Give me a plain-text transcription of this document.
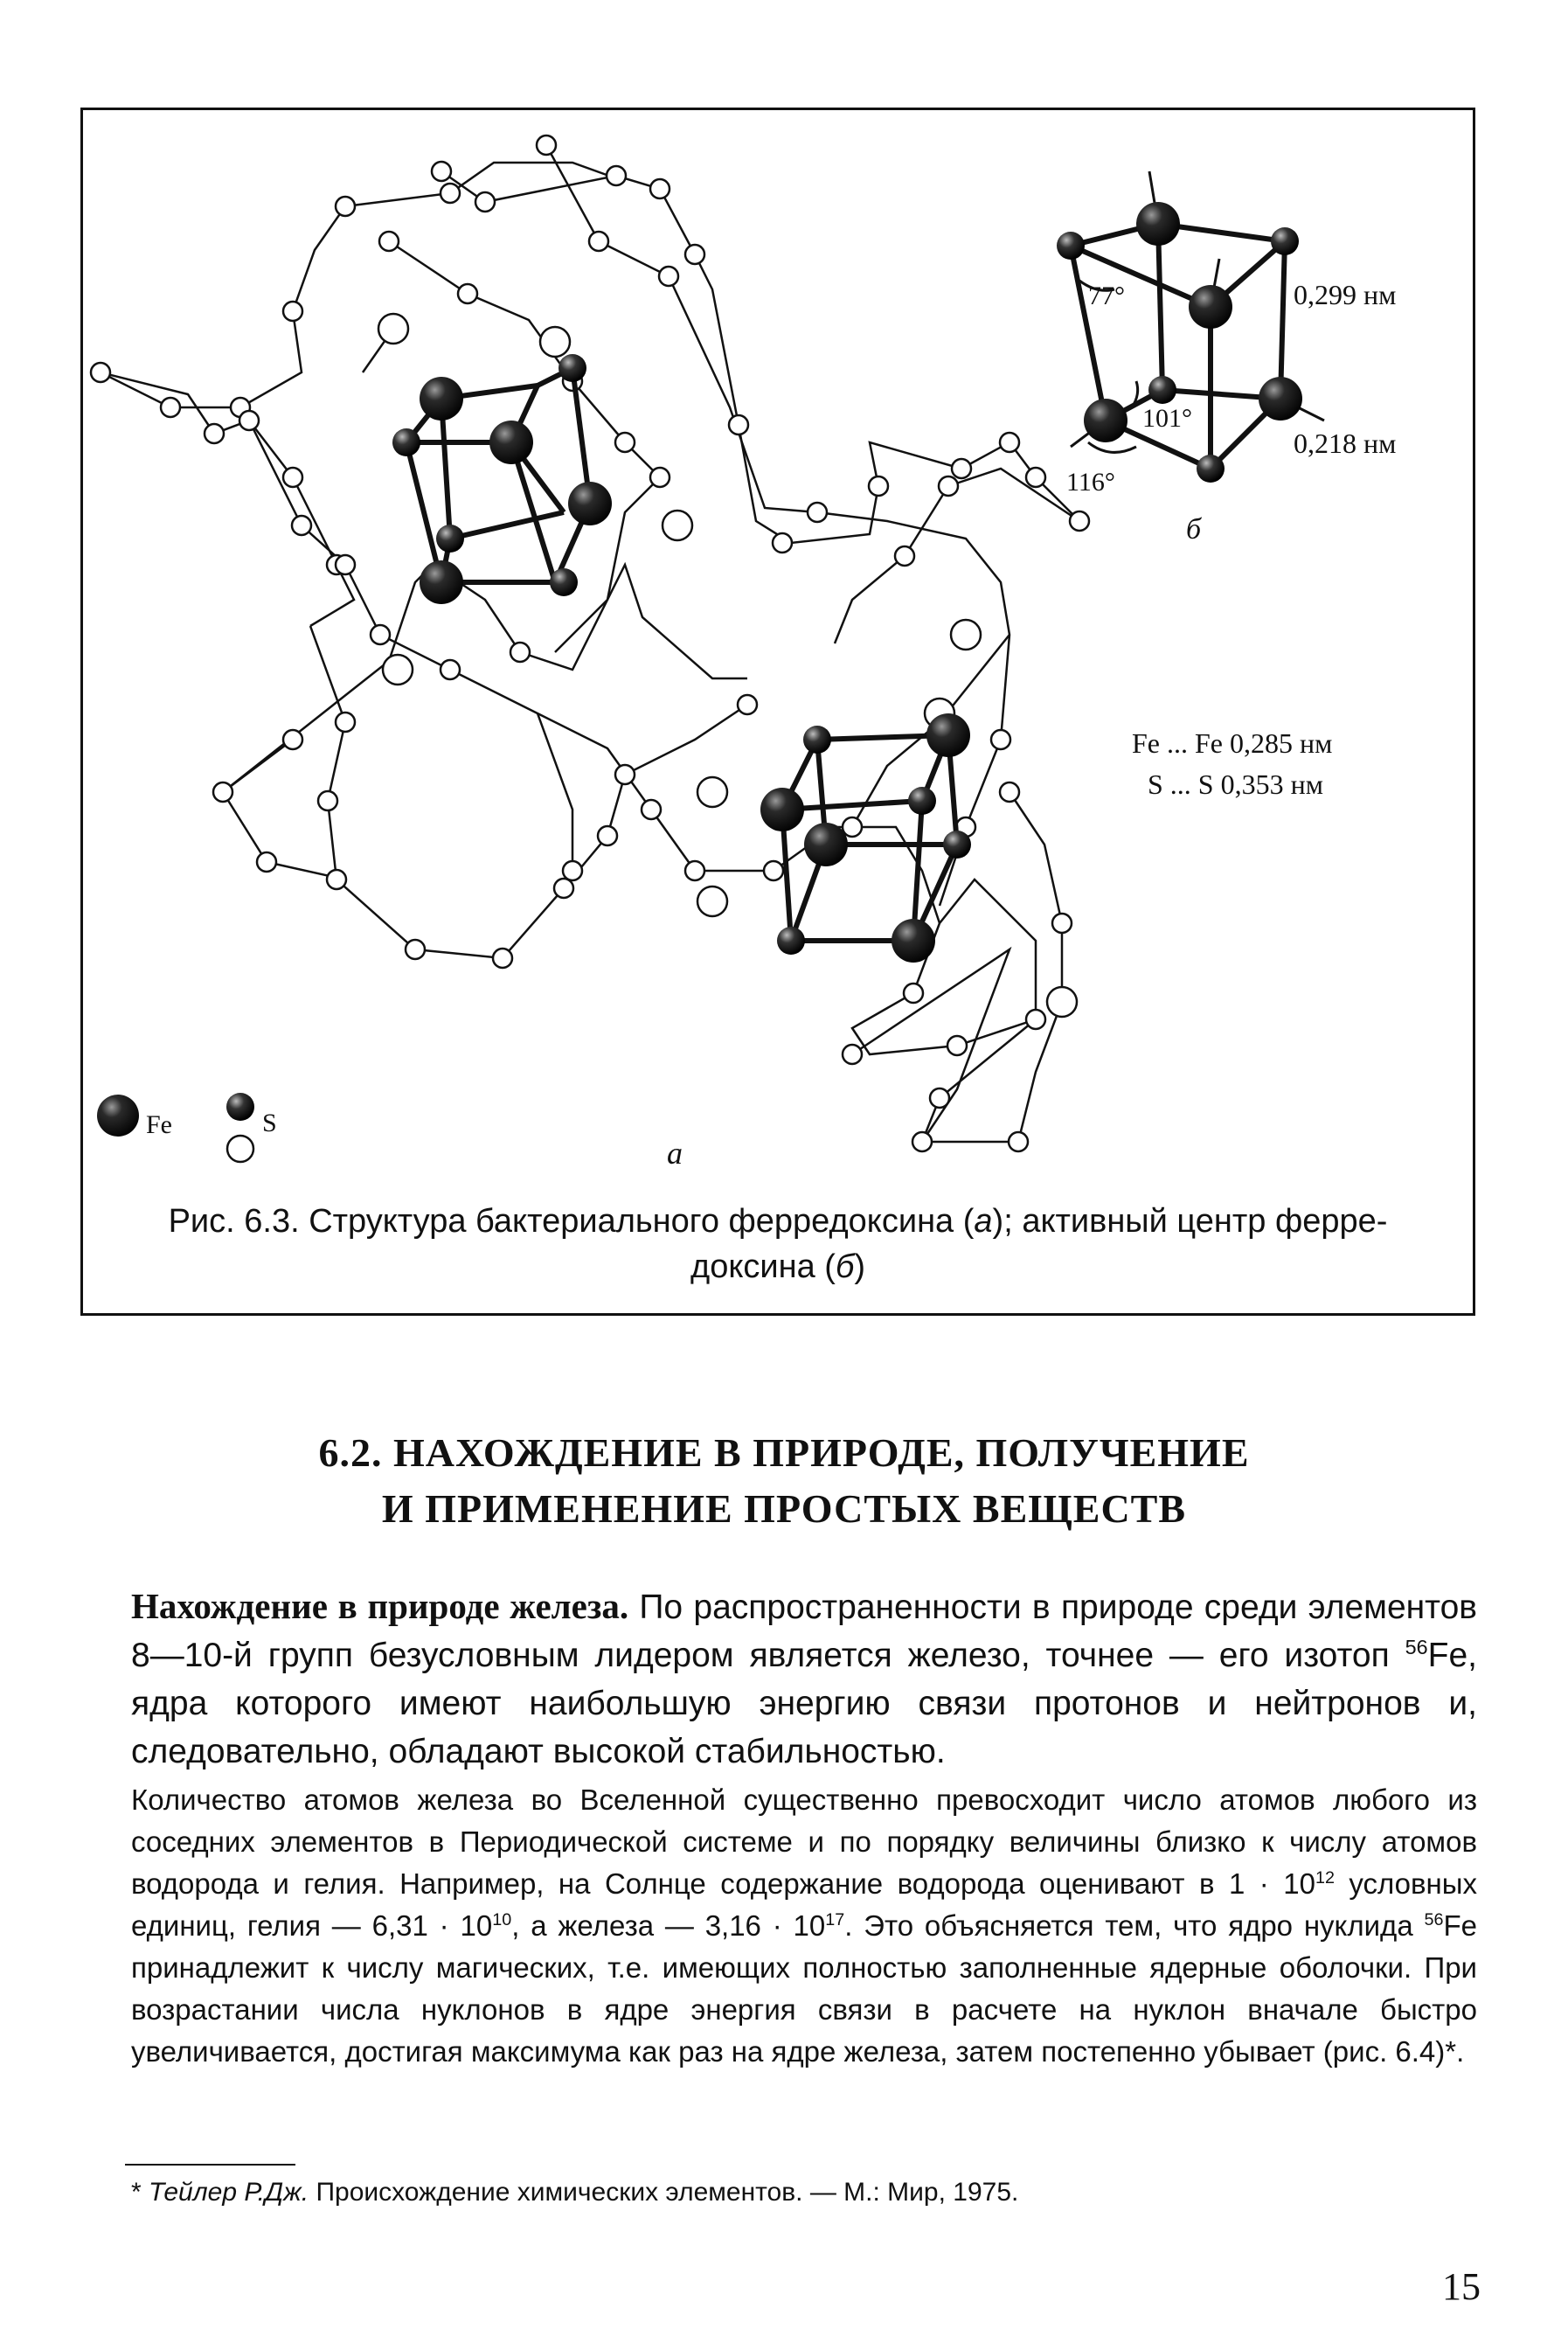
77°
101°
116°
0,299 нм
0,218 нм
б
Fe ... Fe 0,285 нм
S ... S 0,353 нм
Fe	S
а
Рис. 6.3. Структура бактериального ферредоксина (а); активный центр ферре-
доксина (б)
6.2. НАХОЖДЕНИЕ В ПРИРОДЕ, ПОЛУЧЕНИЕ
И ПРИМЕНЕНИЕ ПРОСТЫХ ВЕЩЕСТВ
Нахождение в природе железа. По распространенности в природе среди элементов 8—10-й групп безусловным лидером является железо, точнее — его изотоп $^{56}$Fe, ядра которого имеют наибольшую энергию связи протонов и нейтронов и, следовательно, обладают высокой стабильностью.
Количество атомов железа во Вселенной существенно превосходит число атомов любого из соседних элементов в Периодической системе и по порядку величины близко к числу атомов водорода и гелия. Например, на Солнце содержание водорода оценивают в $1 \cdot 10^{12}$ условных единиц, гелия — $6,31 \cdot 10^{10}$, а железа — $3,16 \cdot 10^{17}$. Это объясняется тем, что ядро нуклида $^{56}$Fe принадлежит к числу магических, т.е. имеющих полностью заполненные ядерные оболочки. При возрастании числа нуклонов в ядре энергия связи в расчете на нуклон вначале быстро увеличивается, достигая максимума как раз на ядре железа, затем постепенно убывает (рис. 6.4)*.
* Тейлер Р.Дж. Происхождение химических элементов. — М.: Мир, 1975.
15
